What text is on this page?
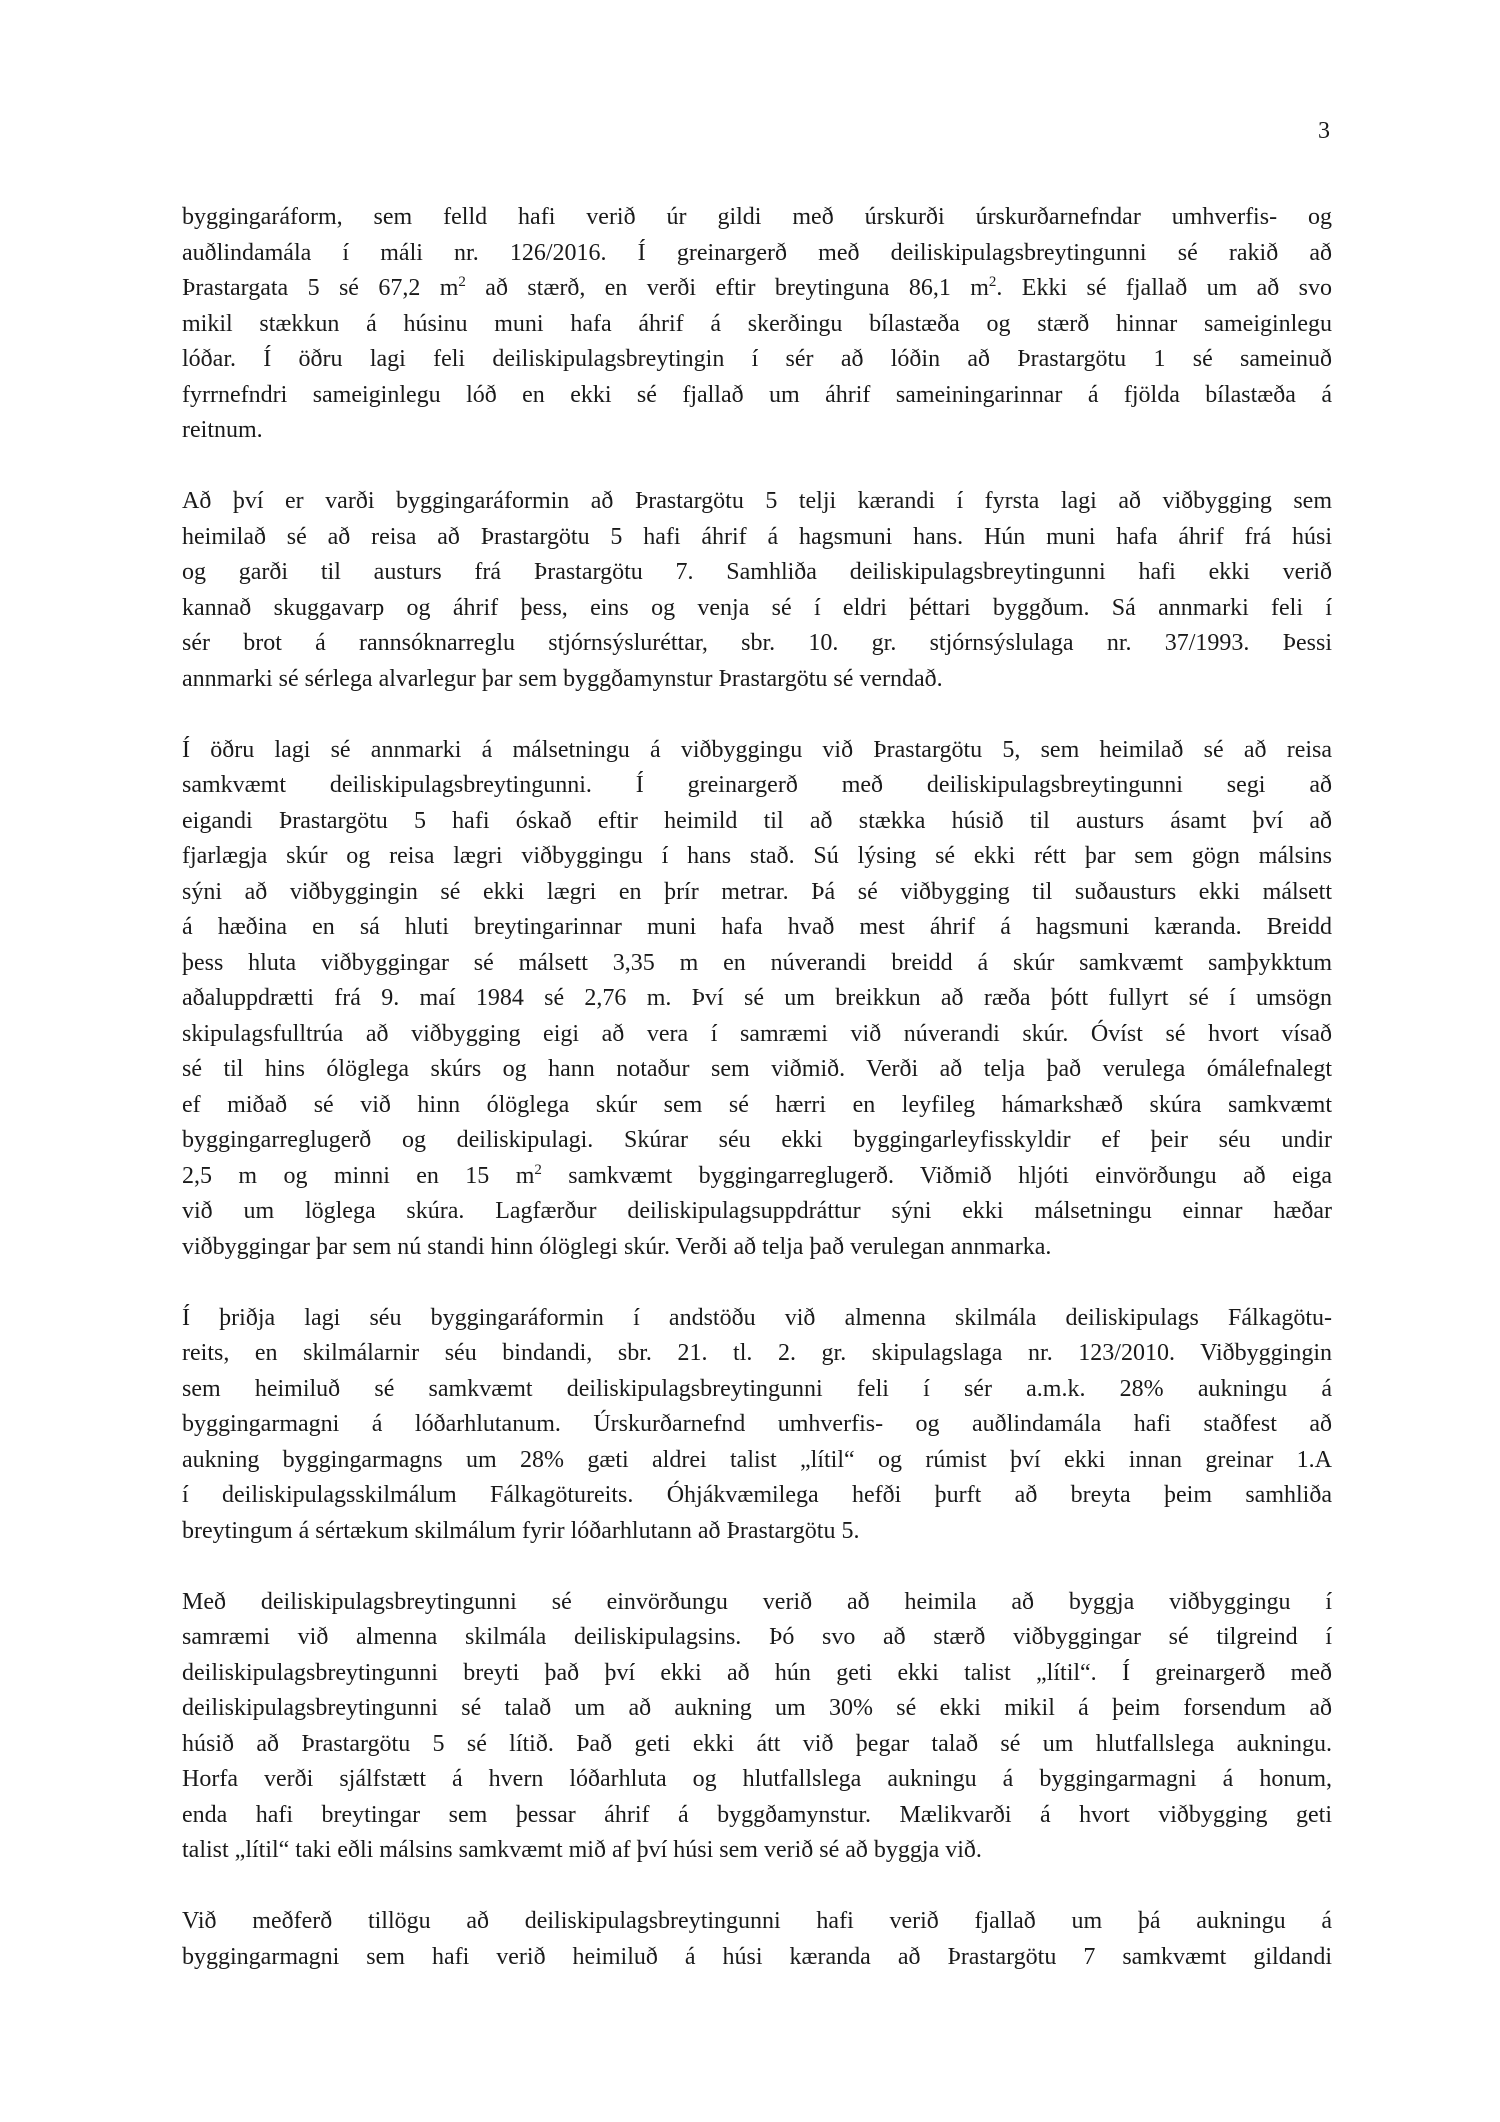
3
byggingaráform, sem felld hafi verið úr gildi með úrskurði úrskurðarnefndar umhverfis- og
auðlindamála í máli nr. 126/2016. Í greinargerð með deiliskipulagsbreytingunni sé rakið að
Þrastargata 5 sé 67,2 $m^2$ að stærð, en verði eftir breytinguna 86,1 $m^2$. Ekki sé fjallað um að svo
mikil stækkun á húsinu muni hafa áhrif á skerðingu bílastæða og stærð hinnar sameiginlegu
lóðar. Í öðru lagi feli deiliskipulagsbreytingin í sér að lóðin að Þrastargötu 1 sé sameinuð
fyrrnefndri sameiginlegu lóð en ekki sé fjallað um áhrif sameiningarinnar á fjölda bílastæða á
reitnum.
Að því er varði byggingaráformin að Þrastargötu 5 telji kærandi í fyrsta lagi að viðbygging sem
heimilað sé að reisa að Þrastargötu 5 hafi áhrif á hagsmuni hans. Hún muni hafa áhrif frá húsi
og garði til austurs frá Þrastargötu 7. Samhliða deiliskipulagsbreytingunni hafi ekki verið
kannað skuggavarp og áhrif þess, eins og venja sé í eldri þéttari byggðum. Sá annmarki feli í
sér brot á rannsóknarreglu stjórnsýsluréttar, sbr. 10. gr. stjórnsýslulaga nr. 37/1993. Þessi
annmarki sé sérlega alvarlegur þar sem byggðamynstur Þrastargötu sé verndað.
Í öðru lagi sé annmarki á málsetningu á viðbyggingu við Þrastargötu 5, sem heimilað sé að reisa
samkvæmt deiliskipulagsbreytingunni. Í greinargerð með deiliskipulagsbreytingunni segi að
eigandi Þrastargötu 5 hafi óskað eftir heimild til að stækka húsið til austurs ásamt því að
fjarlægja skúr og reisa lægri viðbyggingu í hans stað. Sú lýsing sé ekki rétt þar sem gögn málsins
sýni að viðbyggingin sé ekki lægri en þrír metrar. Þá sé viðbygging til suðausturs ekki málsett
á hæðina en sá hluti breytingarinnar muni hafa hvað mest áhrif á hagsmuni kæranda. Breidd
þess hluta viðbyggingar sé málsett 3,35 m en núverandi breidd á skúr samkvæmt samþykktum
aðaluppdrætti frá 9. maí 1984 sé 2,76 m. Því sé um breikkun að ræða þótt fullyrt sé í umsögn
skipulagsfulltrúa að viðbygging eigi að vera í samræmi við núverandi skúr. Óvíst sé hvort vísað
sé til hins ólöglega skúrs og hann notaður sem viðmið. Verði að telja það verulega ómálefnalegt
ef miðað sé við hinn ólöglega skúr sem sé hærri en leyfileg hámarkshæð skúra samkvæmt
byggingarreglugerð og deiliskipulagi. Skúrar séu ekki byggingarleyfisskyldir ef þeir séu undir
2,5 m og minni en 15 $m^2$ samkvæmt byggingarreglugerð. Viðmið hljóti einvörðungu að eiga
við um löglega skúra. Lagfærður deiliskipulagsuppdráttur sýni ekki málsetningu einnar hæðar
viðbyggingar þar sem nú standi hinn ólöglegi skúr. Verði að telja það verulegan annmarka.
Í þriðja lagi séu byggingaráformin í andstöðu við almenna skilmála deiliskipulags Fálkagötu-
reits, en skilmálarnir séu bindandi, sbr. 21. tl. 2. gr. skipulagslaga nr. 123/2010. Viðbyggingin
sem heimiluð sé samkvæmt deiliskipulagsbreytingunni feli í sér a.m.k. 28% aukningu á
byggingarmagni á lóðarhlutanum. Úrskurðarnefnd umhverfis- og auðlindamála hafi staðfest að
aukning byggingarmagns um 28% gæti aldrei talist „lítil“ og rúmist því ekki innan greinar 1.A
í deiliskipulagsskilmálum Fálkagötureits. Óhjákvæmilega hefði þurft að breyta þeim samhliða
breytingum á sértækum skilmálum fyrir lóðarhlutann að Þrastargötu 5.
Með deiliskipulagsbreytingunni sé einvörðungu verið að heimila að byggja viðbyggingu í
samræmi við almenna skilmála deiliskipulagsins. Þó svo að stærð viðbyggingar sé tilgreind í
deiliskipulagsbreytingunni breyti það því ekki að hún geti ekki talist „lítil“. Í greinargerð með
deiliskipulagsbreytingunni sé talað um að aukning um 30% sé ekki mikil á þeim forsendum að
húsið að Þrastargötu 5 sé lítið. Það geti ekki átt við þegar talað sé um hlutfallslega aukningu.
Horfa verði sjálfstætt á hvern lóðarhluta og hlutfallslega aukningu á byggingarmagni á honum,
enda hafi breytingar sem þessar áhrif á byggðamynstur. Mælikvarði á hvort viðbygging geti
talist „lítil“ taki eðli málsins samkvæmt mið af því húsi sem verið sé að byggja við.
Við meðferð tillögu að deiliskipulagsbreytingunni hafi verið fjallað um þá aukningu á
byggingarmagni sem hafi verið heimiluð á húsi kæranda að Þrastargötu 7 samkvæmt gildandi
